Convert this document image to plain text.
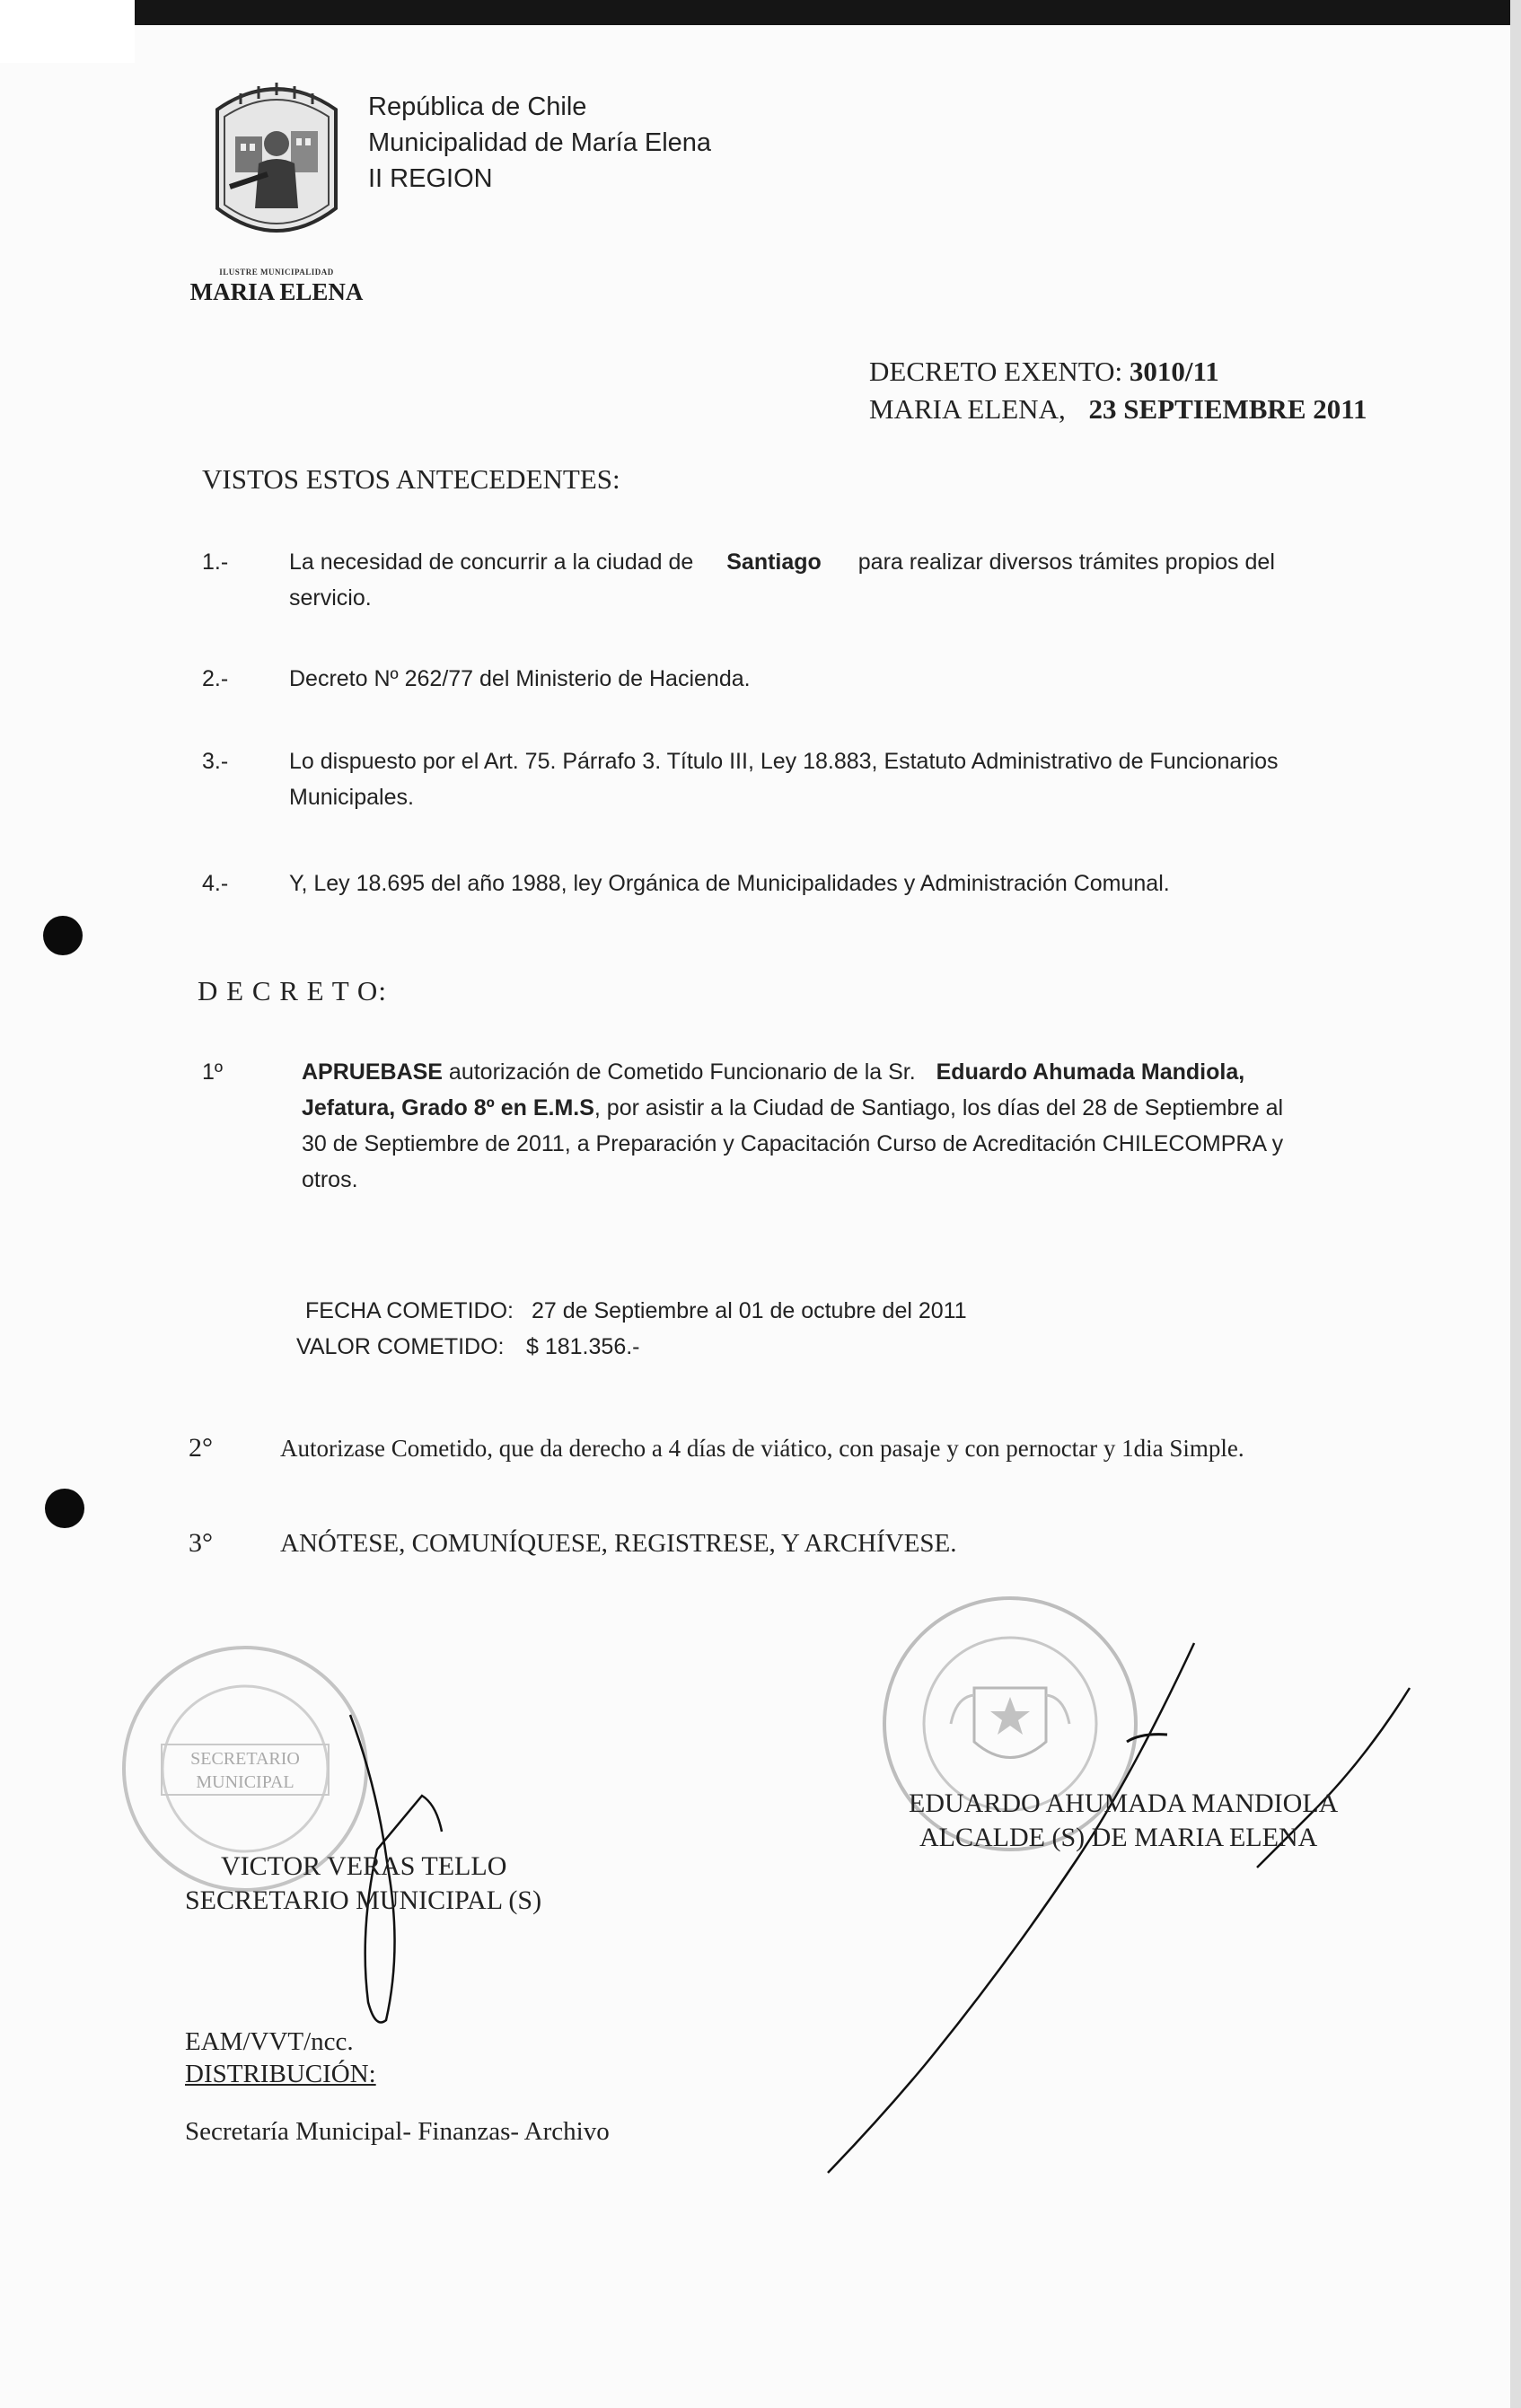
ILUSTRE MUNICIPALIDAD
MARIA ELENA
República de Chile
Municipalidad de María Elena
II REGION
DECRETO EXENTO: 3010/11
MARIA ELENA, 23 SEPTIEMBRE 2011
VISTOS ESTOS ANTECEDENTES:
1.-	La necesidad de concurrir a la ciudad de Santiago para realizar diversos trámites propios del
servicio.
2.-	Decreto Nº 262/77 del Ministerio de Hacienda.
3.-	Lo dispuesto por el Art. 75. Párrafo 3. Título III, Ley 18.883, Estatuto Administrativo de Funcionarios
Municipales.
4.-	Y, Ley 18.695 del año 1988, ley Orgánica de Municipalidades y Administración Comunal.
D E C R E T O:
1º	APRUEBASE autorización de Cometido Funcionario de la Sr. Eduardo Ahumada Mandiola,
Jefatura, Grado 8º en E.M.S, por asistir a la Ciudad de Santiago, los días del 28 de Septiembre al
30 de Septiembre de 2011, a Preparación y Capacitación Curso de Acreditación CHILECOMPRA y
otros.
FECHA COMETIDO: 27 de Septiembre al 01 de octubre del 2011
VALOR COMETIDO: $ 181.356.-
2°	Autorizase Cometido, que da derecho a 4 días de viático, con pasaje y con pernoctar y 1dia Simple.
3°	ANÓTESE, COMUNÍQUESE, REGISTRESE, Y ARCHÍVESE.
SECRETARIO
MUNICIPAL
VICTOR VERAS TELLO
SECRETARIO MUNICIPAL (S)
EDUARDO AHUMADA MANDIOLA
ALCALDE (S) DE MARIA ELENA
EAM/VVT/ncc.
DISTRIBUCIÓN:
Secretaría Municipal- Finanzas- Archivo
